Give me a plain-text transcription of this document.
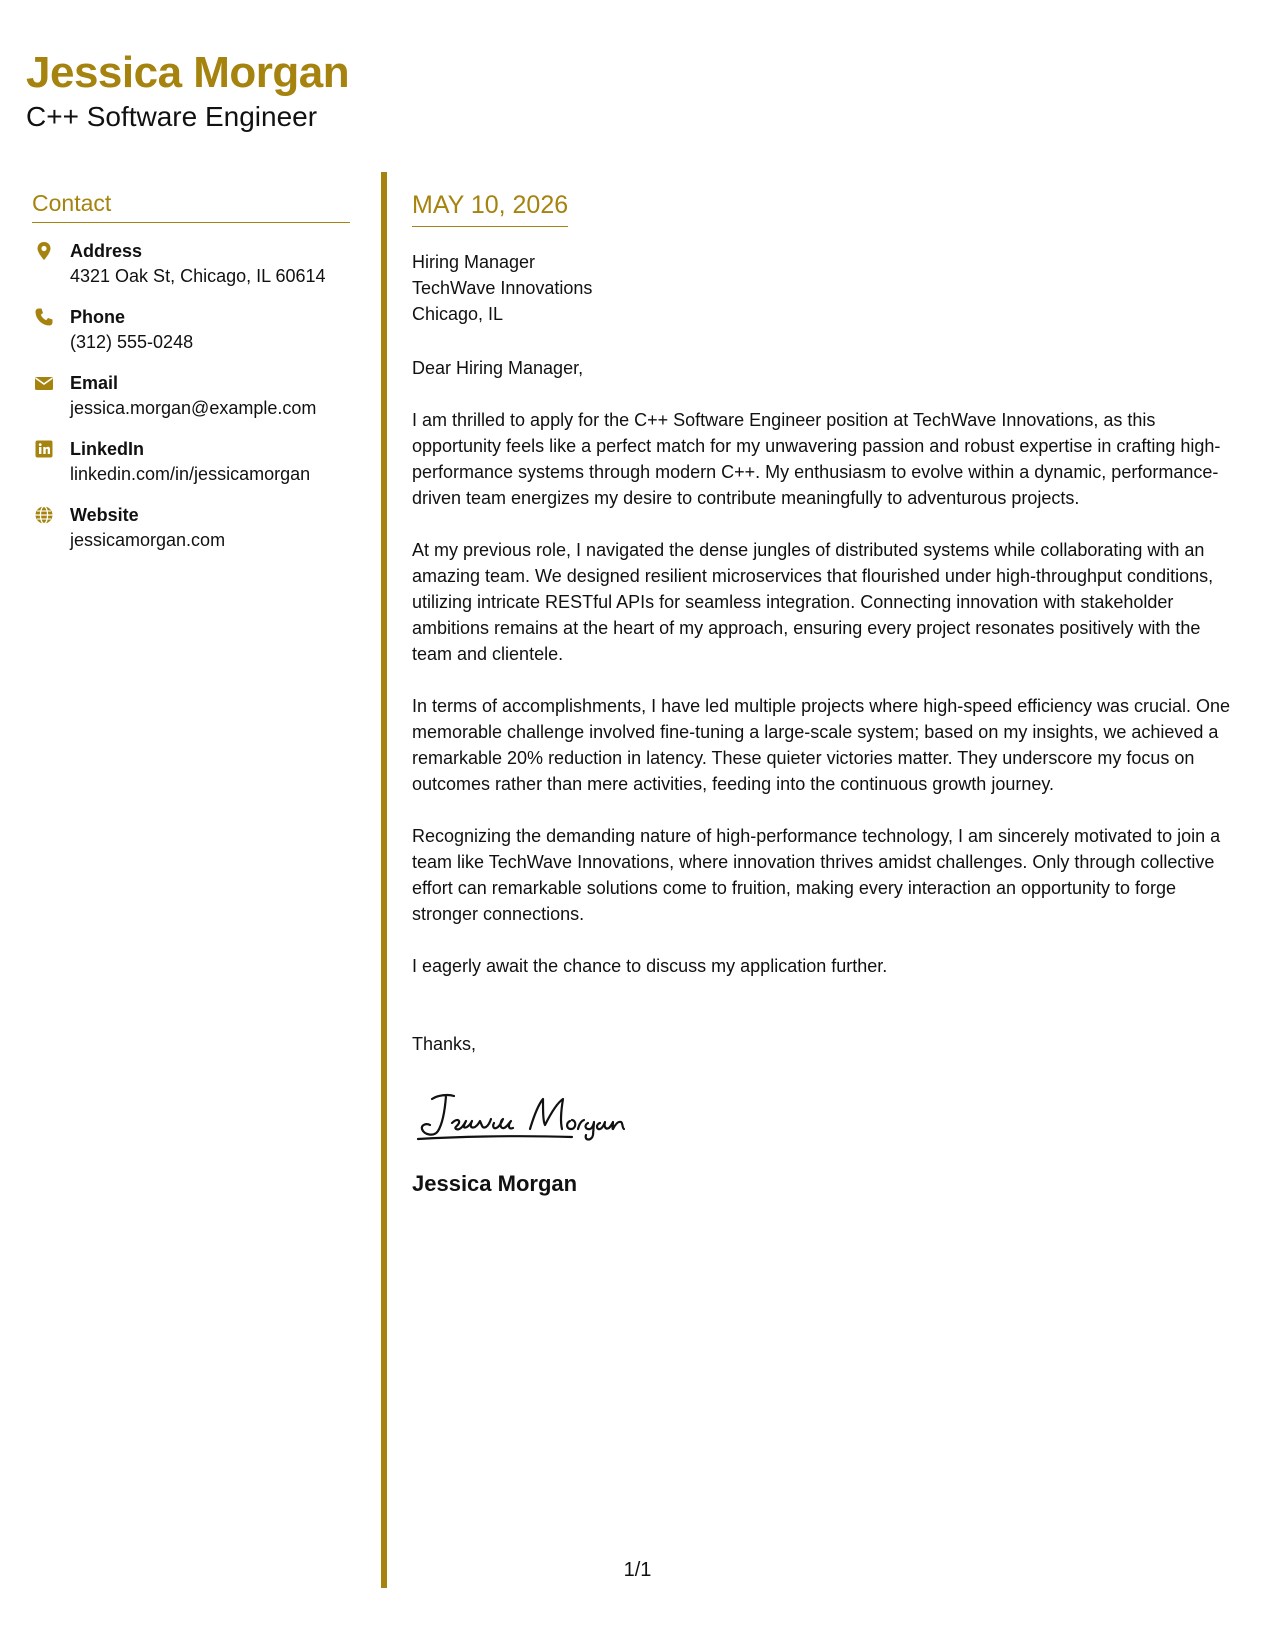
Jessica Morgan
C++ Software Engineer
Contact
Address
4321 Oak St, Chicago, IL 60614
Phone
(312) 555-0248
Email
jessica.morgan@example.com
LinkedIn
linkedin.com/in/jessicamorgan
Website
jessicamorgan.com
MAY 10, 2026
Hiring Manager
TechWave Innovations
Chicago, IL
Dear Hiring Manager,
I am thrilled to apply for the C++ Software Engineer position at TechWave Innovations, as this opportunity feels like a perfect match for my unwavering passion and robust expertise in crafting high-performance systems through modern C++. My enthusiasm to evolve within a dynamic, performance-driven team energizes my desire to contribute meaningfully to adventurous projects.
At my previous role, I navigated the dense jungles of distributed systems while collaborating with an amazing team. We designed resilient microservices that flourished under high-throughput conditions, utilizing intricate RESTful APIs for seamless integration. Connecting innovation with stakeholder ambitions remains at the heart of my approach, ensuring every project resonates positively with the team and clientele.
In terms of accomplishments, I have led multiple projects where high-speed efficiency was crucial. One memorable challenge involved fine-tuning a large-scale system; based on my insights, we achieved a remarkable 20% reduction in latency. These quieter victories matter. They underscore my focus on outcomes rather than mere activities, feeding into the continuous growth journey.
Recognizing the demanding nature of high-performance technology, I am sincerely motivated to join a team like TechWave Innovations, where innovation thrives amidst challenges. Only through collective effort can remarkable solutions come to fruition, making every interaction an opportunity to forge stronger connections.
I eagerly await the chance to discuss my application further.
Thanks,
Jessica Morgan
1/1
